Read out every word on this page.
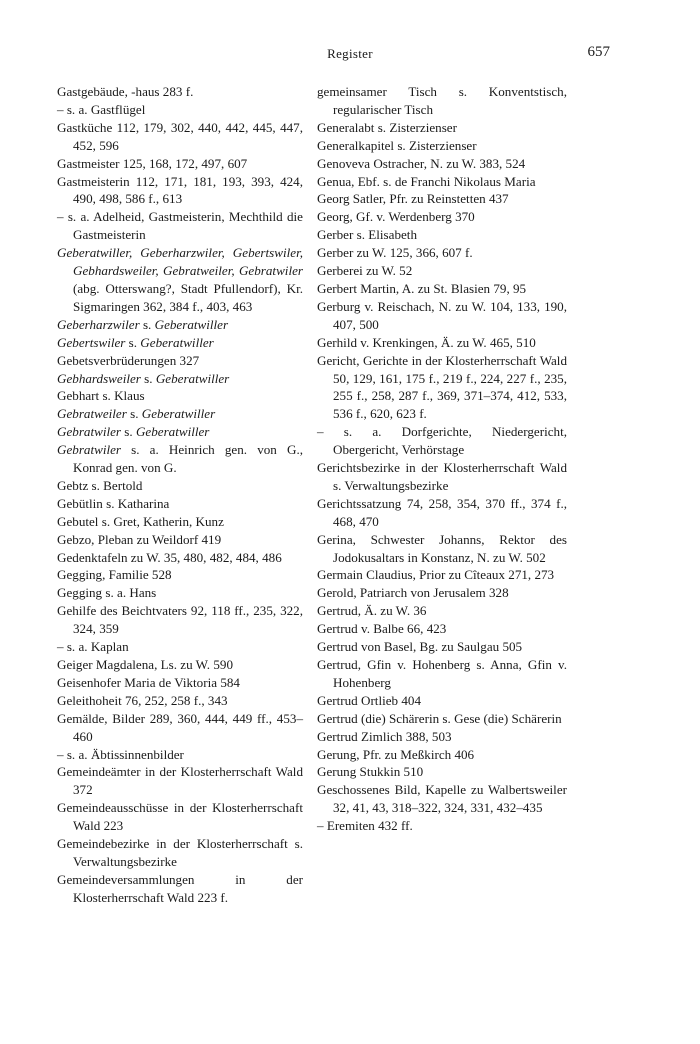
Register	657
Gastgebäude, -haus 283 f.
– s. a. Gastflügel
Gastküche 112, 179, 302, 440, 442, 445, 447, 452, 596
Gastmeister 125, 168, 172, 497, 607
Gastmeisterin 112, 171, 181, 193, 393, 424, 490, 498, 586 f., 613
– s. a. Adelheid, Gastmeisterin, Mechthild die Gastmeisterin
Geberatwiller, Geberharzwiler, Gebertswiler, Gebhardsweiler, Gebratweiler, Gebratwiler (abg. Otterswang?, Stadt Pfullendorf), Kr. Sigmaringen 362, 384 f., 403, 463
Geberharzwiler s. Geberatwiller
Gebertswiler s. Geberatwiller
Gebetsverbrüderungen 327
Gebhardsweiler s. Geberatwiller
Gebhart s. Klaus
Gebratweiler s. Geberatwiller
Gebratwiler s. Geberatwiller
Gebratwiler s. a. Heinrich gen. von G., Konrad gen. von G.
Gebtz s. Bertold
Gebütlin s. Katharina
Gebutel s. Gret, Katherin, Kunz
Gebzo, Pleban zu Weildorf 419
Gedenktafeln zu W. 35, 480, 482, 484, 486
Gegging, Familie 528
Gegging s. a. Hans
Gehilfe des Beichtvaters 92, 118 ff., 235, 322, 324, 359
– s. a. Kaplan
Geiger Magdalena, Ls. zu W. 590
Geisenhofer Maria de Viktoria 584
Geleithoheit 76, 252, 258 f., 343
Gemälde, Bilder 289, 360, 444, 449 ff., 453–460
– s. a. Äbtissinnenbilder
Gemeindeämter in der Klosterherrschaft Wald 372
Gemeindeausschüsse in der Klosterherrschaft Wald 223
Gemeindebezirke in der Klosterherrschaft s. Verwaltungsbezirke
Gemeindeversammlungen in der Klosterherrschaft Wald 223 f.
gemeinsamer Tisch s. Konventstisch, regularischer Tisch
Generalabt s. Zisterzienser
Generalkapitel s. Zisterzienser
Genoveva Ostracher, N. zu W. 383, 524
Genua, Ebf. s. de Franchi Nikolaus Maria
Georg Satler, Pfr. zu Reinstetten 437
Georg, Gf. v. Werdenberg 370
Gerber s. Elisabeth
Gerber zu W. 125, 366, 607 f.
Gerberei zu W. 52
Gerbert Martin, A. zu St. Blasien 79, 95
Gerburg v. Reischach, N. zu W. 104, 133, 190, 407, 500
Gerhild v. Krenkingen, Ä. zu W. 465, 510
Gericht, Gerichte in der Klosterherrschaft Wald 50, 129, 161, 175 f., 219 f., 224, 227 f., 235, 255 f., 258, 287 f., 369, 371–374, 412, 533, 536 f., 620, 623 f.
– s. a. Dorfgerichte, Niedergericht, Obergericht, Verhörstage
Gerichtsbezirke in der Klosterherrschaft Wald s. Verwaltungsbezirke
Gerichtssatzung 74, 258, 354, 370 ff., 374 f., 468, 470
Gerina, Schwester Johanns, Rektor des Jodokusaltars in Konstanz, N. zu W. 502
Germain Claudius, Prior zu Cîteaux 271, 273
Gerold, Patriarch von Jerusalem 328
Gertrud, Ä. zu W. 36
Gertrud v. Balbe 66, 423
Gertrud von Basel, Bg. zu Saulgau 505
Gertrud, Gfin v. Hohenberg s. Anna, Gfin v. Hohenberg
Gertrud Ortlieb 404
Gertrud (die) Schärerin s. Gese (die) Schärerin
Gertrud Zimlich 388, 503
Gerung, Pfr. zu Meßkirch 406
Gerung Stukkin 510
Geschossenes Bild, Kapelle zu Walbertsweiler 32, 41, 43, 318–322, 324, 331, 432–435
– Eremiten 432 ff.
